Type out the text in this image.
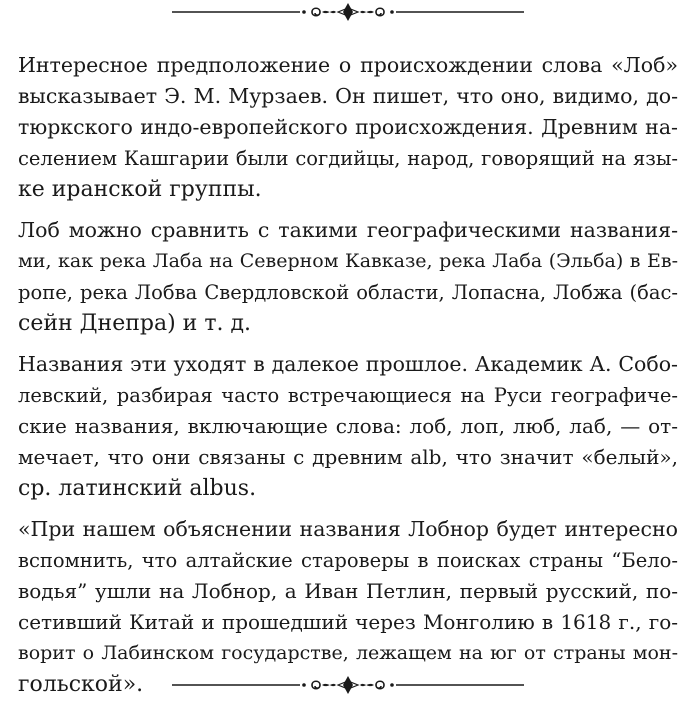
Интересное предположение о происхождении слова «Лоб»
высказывает Э. М. Мурзаев. Он пишет, что оно, видимо, до-
тюркского индо-европейского происхождения. Древним на-
селением Кашгарии были согдийцы, народ, говорящий на язы-
ке иранской группы.
Лоб можно сравнить с такими географическими названия-
ми, как река Лаба на Северном Кавказе, река Лаба (Эльба) в Ев-
ропе, река Лобва Свердловской области, Лопасна, Лобжа (бас-
сейн Днепра) и т. д.
Названия эти уходят в далекое прошлое. Академик А. Собо-
левский, разбирая часто встречающиеся на Руси географиче-
ские названия, включающие слова: лоб, лоп, люб, лаб, — от-
мечает, что они связаны с древним alb, что значит «белый»,
ср. латинский albus.
«При нашем объяснении названия Лобнор будет интересно
вспомнить, что алтайские староверы в поисках страны “Бело-
водья” ушли на Лобнор, а Иван Петлин, первый русский, по-
сетивший Китай и прошедший через Монголию в 1618 г., го-
ворит о Лабинском государстве, лежащем на юг от страны мон-
гольской».
